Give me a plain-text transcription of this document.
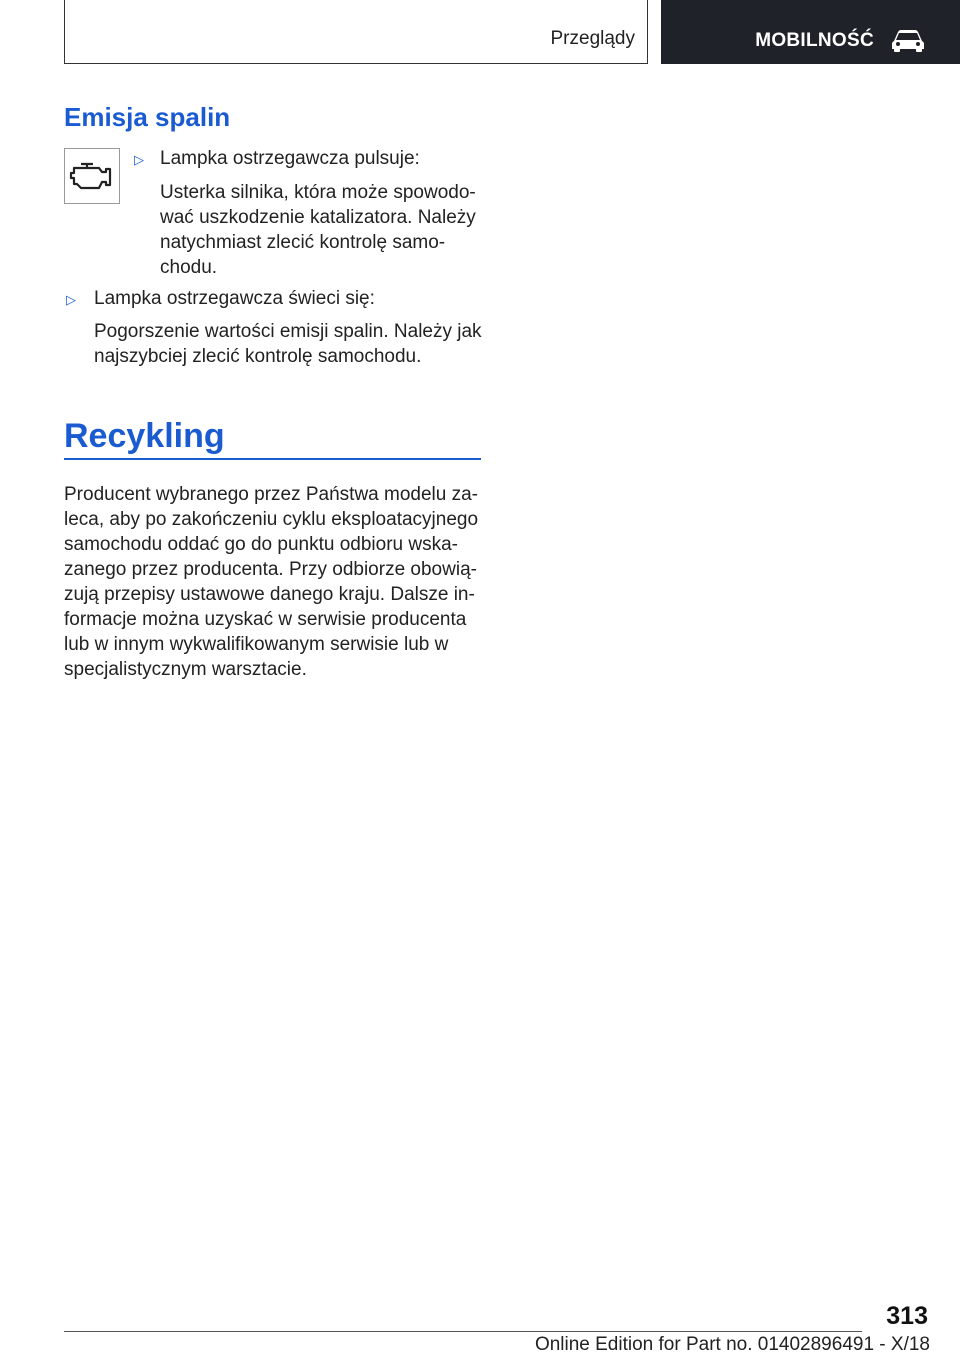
Przeglądy	MOBILNOŚĆ
Emisja spalin
▷ Lampka ostrzegawcza pulsuje:

Usterka silnika, która może spowodo-

wać uszkodzenie katalizatora. Należy

natychmiast zlecić kontrolę samo-

chodu.

▷ Lampka ostrzegawcza świeci się:

Pogorszenie wartości emisji spalin. Należy jak

najszybciej zlecić kontrolę samochodu.

Recykling

Producent wybranego przez Państwa modelu za-

leca, aby po zakończeniu cyklu eksploatacyjnego

samochodu oddać go do punktu odbioru wska-

zanego przez producenta. Przy odbiorze obowią-

zują przepisy ustawowe danego kraju. Dalsze in-

formacje można uzyskać w serwisie producenta

lub w innym wykwalifikowanym serwisie lub w

specjalistycznym warsztacie.

313
Online Edition for Part no. 01402896491 - X/18
